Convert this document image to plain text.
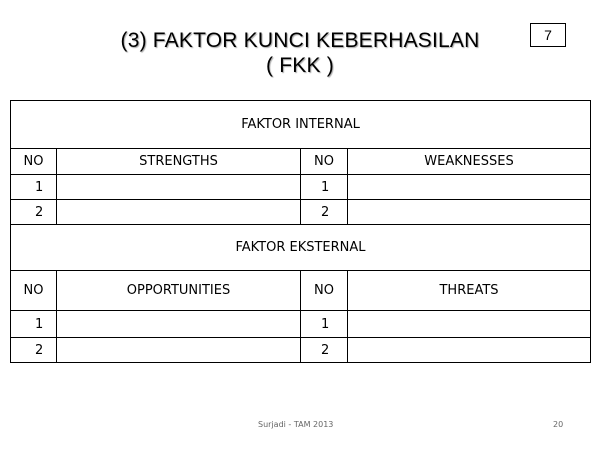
(3) FAKTOR KUNCI KEBERHASILAN
( FKK )
7
FAKTOR INTERNAL			
NO	STRENGTHS	NO	WEAKNESSES
1		1	
2		2	
FAKTOR EKSTERNAL			
NO	OPPORTUNITIES	NO	THREATS
1		1	
2		2	
Surjadi - TAM 2013	20
